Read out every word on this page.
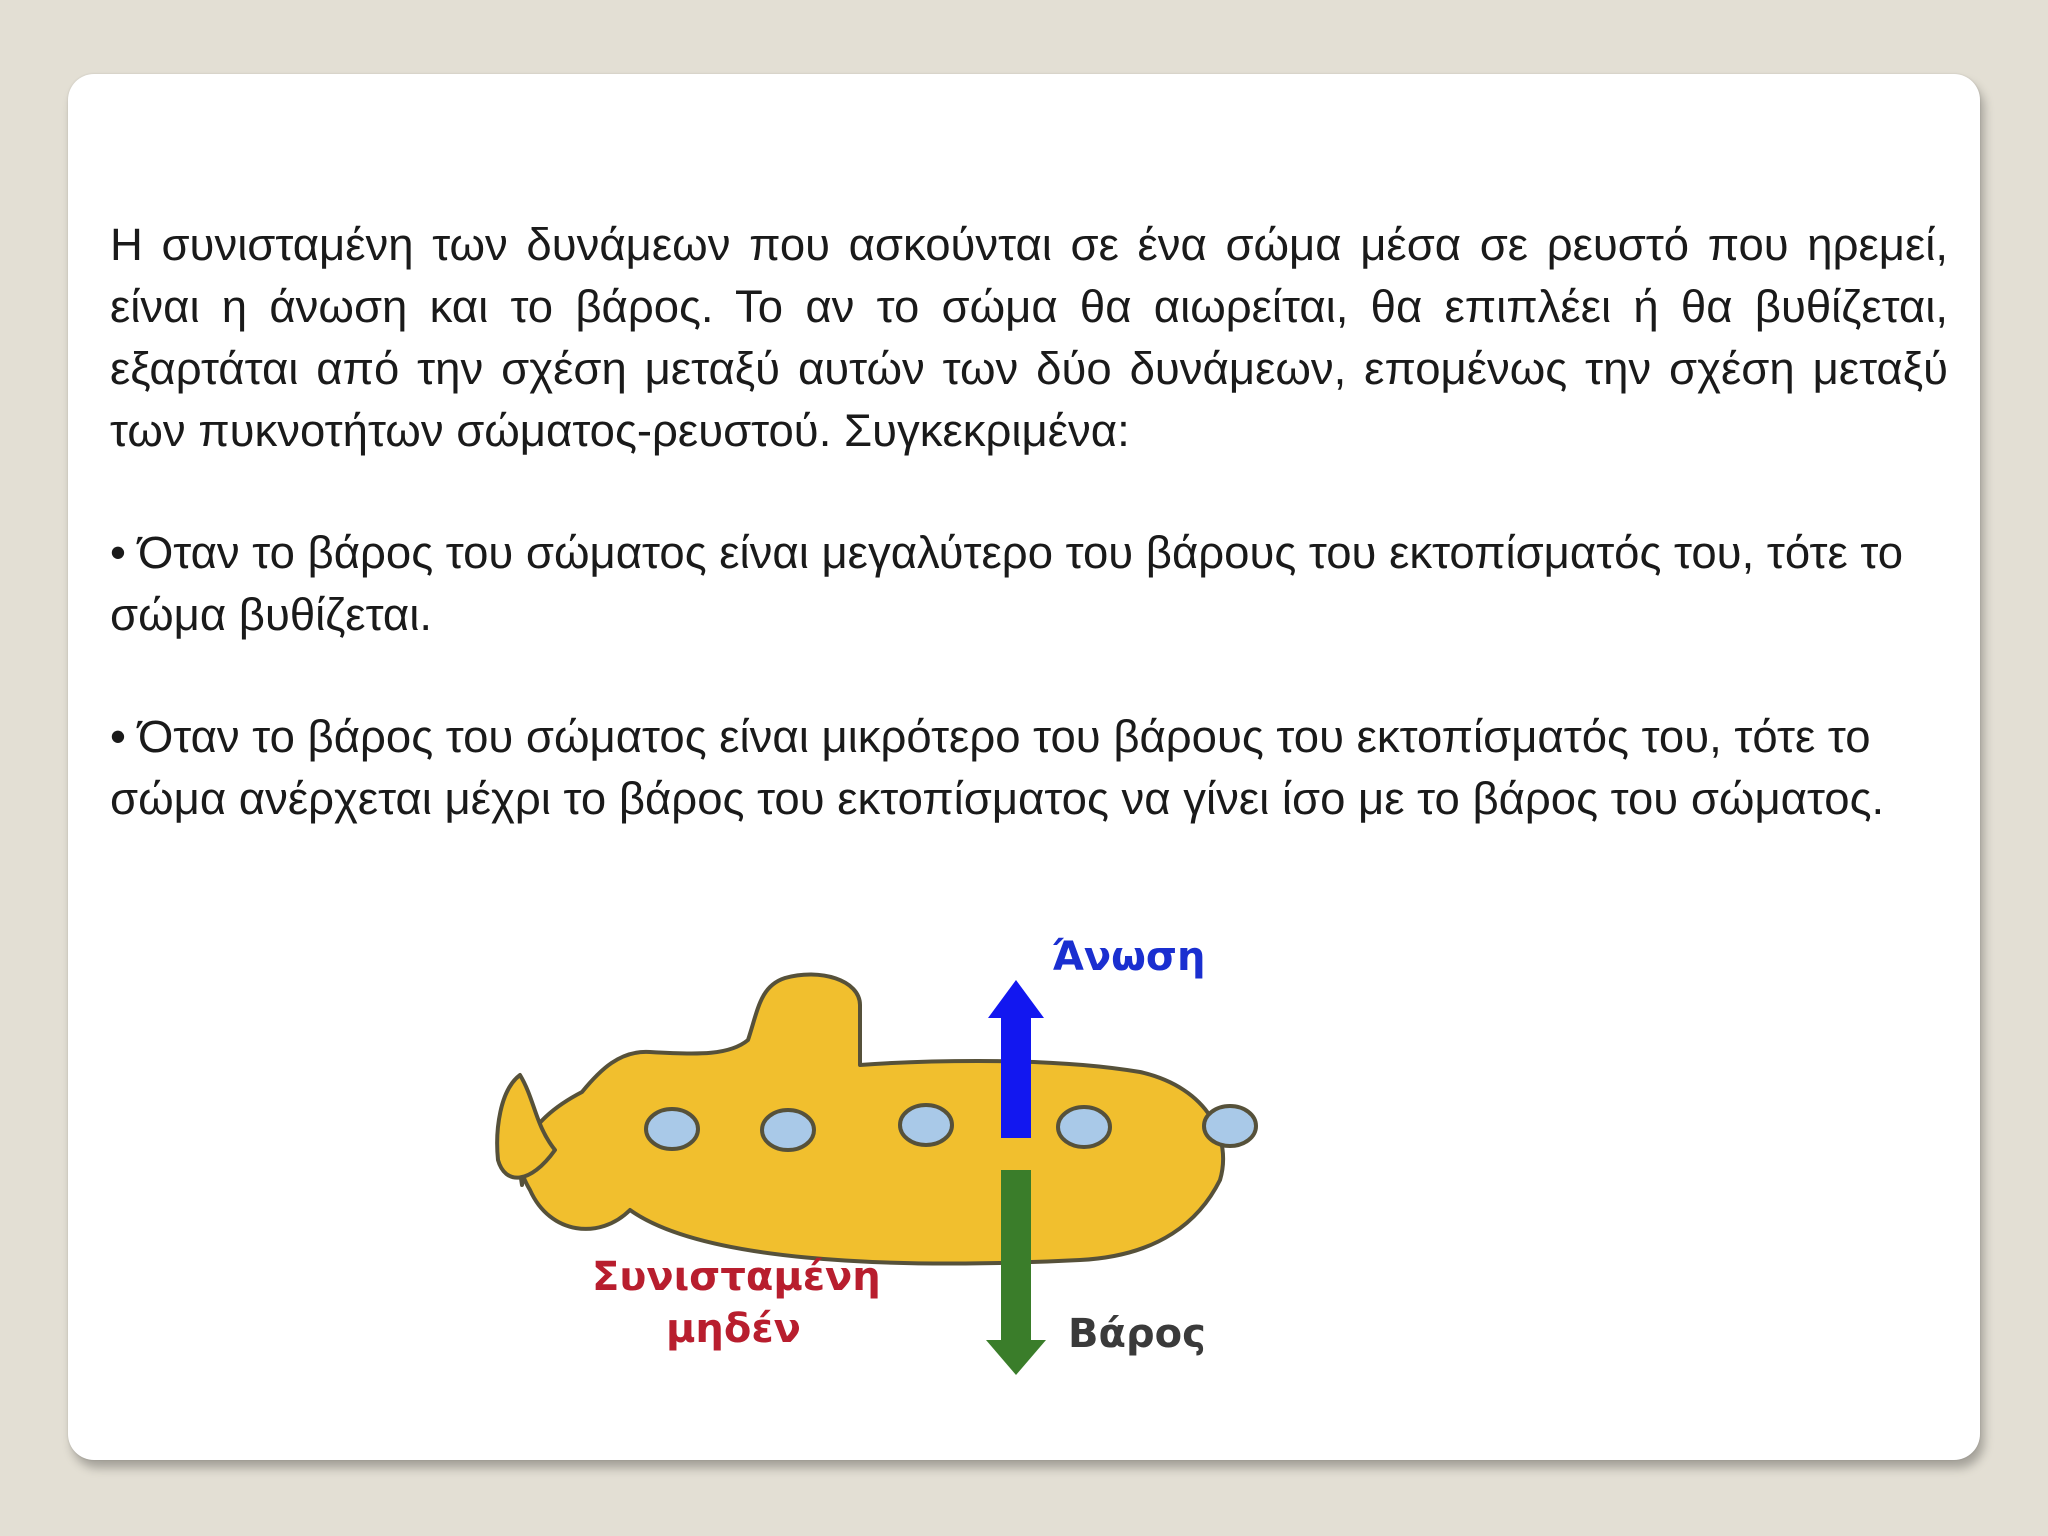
Η συνισταμένη των δυνάμεων που ασκούνται σε ένα σώμα μέσα σε ρευστό που ηρεμεί, είναι η άνωση και το βάρος. Το αν το σώμα θα αιωρείται, θα επιπλέει ή θα βυθίζεται, εξαρτάται από την σχέση μεταξύ αυτών των δύο δυνάμεων, επομένως την σχέση μεταξύ των πυκνοτήτων σώματος-ρευστού. Συγκεκριμένα:

• Όταν το βάρος του σώματος είναι μεγαλύτερο του βάρους του εκτοπίσματός του, τότε το σώμα βυθίζεται.

• Όταν το βάρος του σώματος είναι μικρότερο του βάρους του εκτοπίσματός του, τότε το σώμα ανέρχεται μέχρι το βάρος του εκτοπίσματος να γίνει ίσο με το βάρος του σώματος.

Άνωση
Βάρος
Συνισταμένη
μηδέν
